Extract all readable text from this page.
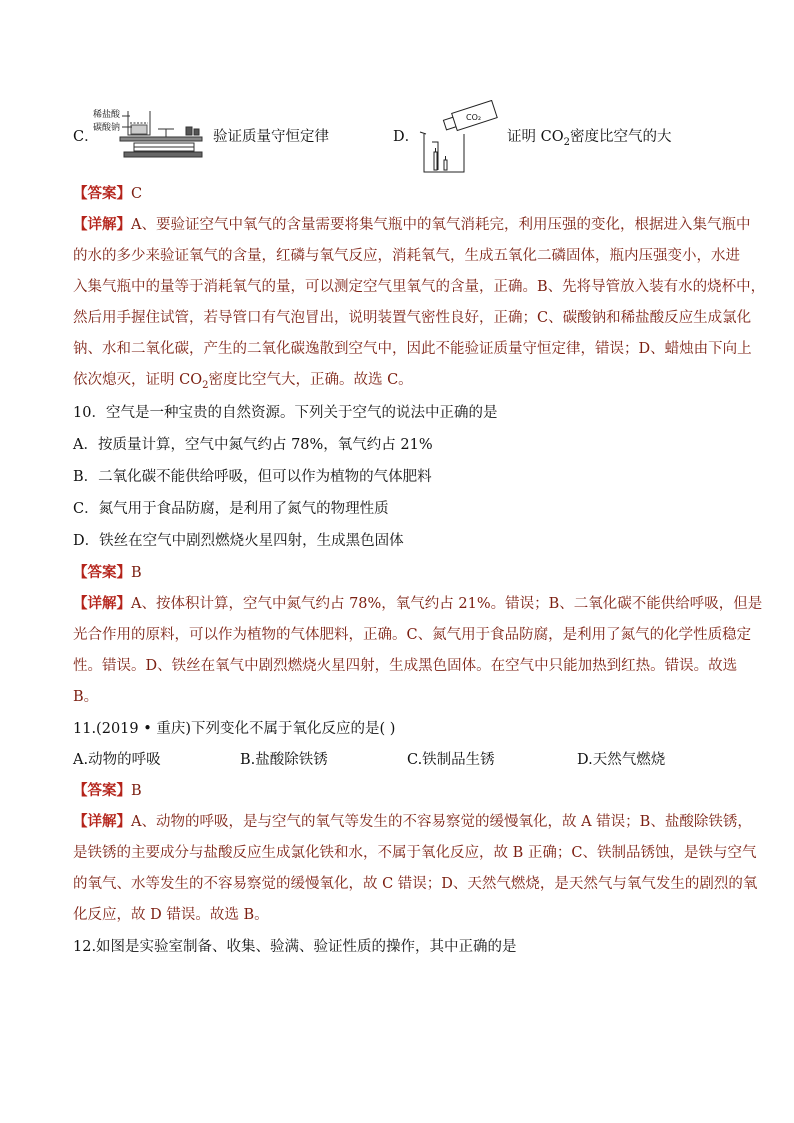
C．
稀盐酸
碳酸钠
验证质量守恒定律	D．
CO₂
证明 $CO_2$密度比空气的大
【答案】C
【详解】A、要验证空气中氧气的含量需要将集气瓶中的氧气消耗完，利用压强的变化，根据进入集气瓶中
的水的多少来验证氧气的含量，红磷与氧气反应，消耗氧气，生成五氧化二磷固体，瓶内压强变小，水进
入集气瓶中的量等于消耗氧气的量，可以测定空气里氧气的含量，正确。B、先将导管放入装有水的烧杯中，
然后用手握住试管，若导管口有气泡冒出，说明装置气密性良好，正确；C、碳酸钠和稀盐酸反应生成氯化
钠、水和二氧化碳，产生的二氧化碳逸散到空气中，因此不能验证质量守恒定律，错误；D、蜡烛由下向上
依次熄灭，证明 $CO_2$密度比空气大，正确。故选 C。
10．空气是一种宝贵的自然资源。下列关于空气的说法中正确的是
A．按质量计算，空气中氮气约占 78%，氧气约占 21%
B．二氧化碳不能供给呼吸，但可以作为植物的气体肥料
C．氮气用于食品防腐，是利用了氮气的物理性质
D．铁丝在空气中剧烈燃烧火星四射，生成黑色固体
【答案】B
【详解】A、按体积计算，空气中氮气约占 78%，氧气约占 21%。错误；B、二氧化碳不能供给呼吸，但是
光合作用的原料，可以作为植物的气体肥料，正确。C、氮气用于食品防腐，是利用了氮气的化学性质稳定
性。错误。D、铁丝在氧气中剧烈燃烧火星四射，生成黑色固体。在空气中只能加热到红热。错误。故选
B。
11.(2019 • 重庆)下列变化不属于氧化反应的是( )
A.动物的呼吸	B.盐酸除铁锈	C.铁制品生锈	D.天然气燃烧
【答案】B
【详解】A、动物的呼吸，是与空气的氧气等发生的不容易察觉的缓慢氧化，故 A 错误；B、盐酸除铁锈，
是铁锈的主要成分与盐酸反应生成氯化铁和水，不属于氧化反应，故 B 正确；C、铁制品锈蚀，是铁与空气
的氧气、水等发生的不容易察觉的缓慢氧化，故 C 错误；D、天然气燃烧，是天然气与氧气发生的剧烈的氧
化反应，故 D 错误。故选 B。
12.如图是实验室制备、收集、验满、验证性质的操作，其中正确的是
